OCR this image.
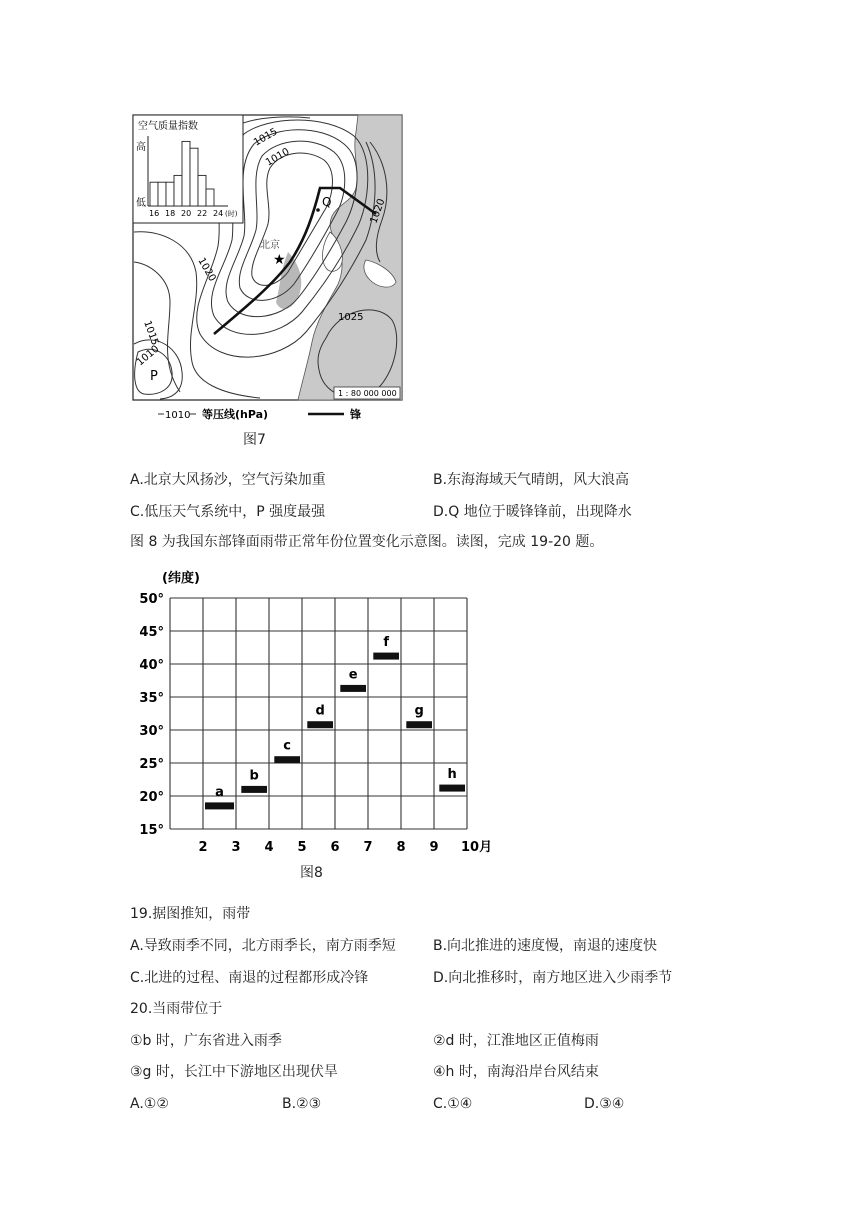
1015
1010
1020
1020
1015
1010
1025
★
北京
Q
P
1 : 80 000 000
空气质量指数
高
低
16 18 20 22 24 (时)
1010 等压线(hPa)	锋
图7
A.北京大风扬沙，空气污染加重	B.东海海域天气晴朗，风大浪高
C.低压天气系统中，P 强度最强	D.Q 地位于暖锋锋前，出现降水
图 8 为我国东部锋面雨带正常年份位置变化示意图。读图，完成 19-20 题。
(纬度)
50°
45°
40°
35°
30°
25°
20°
15°
2 3 4 5 6 7 8 9 10月
a
b
c
d
e
f
g
h
图8
19.据图推知，雨带
A.导致雨季不同，北方雨季长，南方雨季短	B.向北推进的速度慢，南退的速度快
C.北进的过程、南退的过程都形成冷锋	D.向北推移时，南方地区进入少雨季节
20.当雨带位于
①b 时，广东省进入雨季	②d 时，江淮地区正值梅雨
③g 时，长江中下游地区出现伏旱	④h 时，南海沿岸台风结束
A.①②	B.②③	C.①④	D.③④
